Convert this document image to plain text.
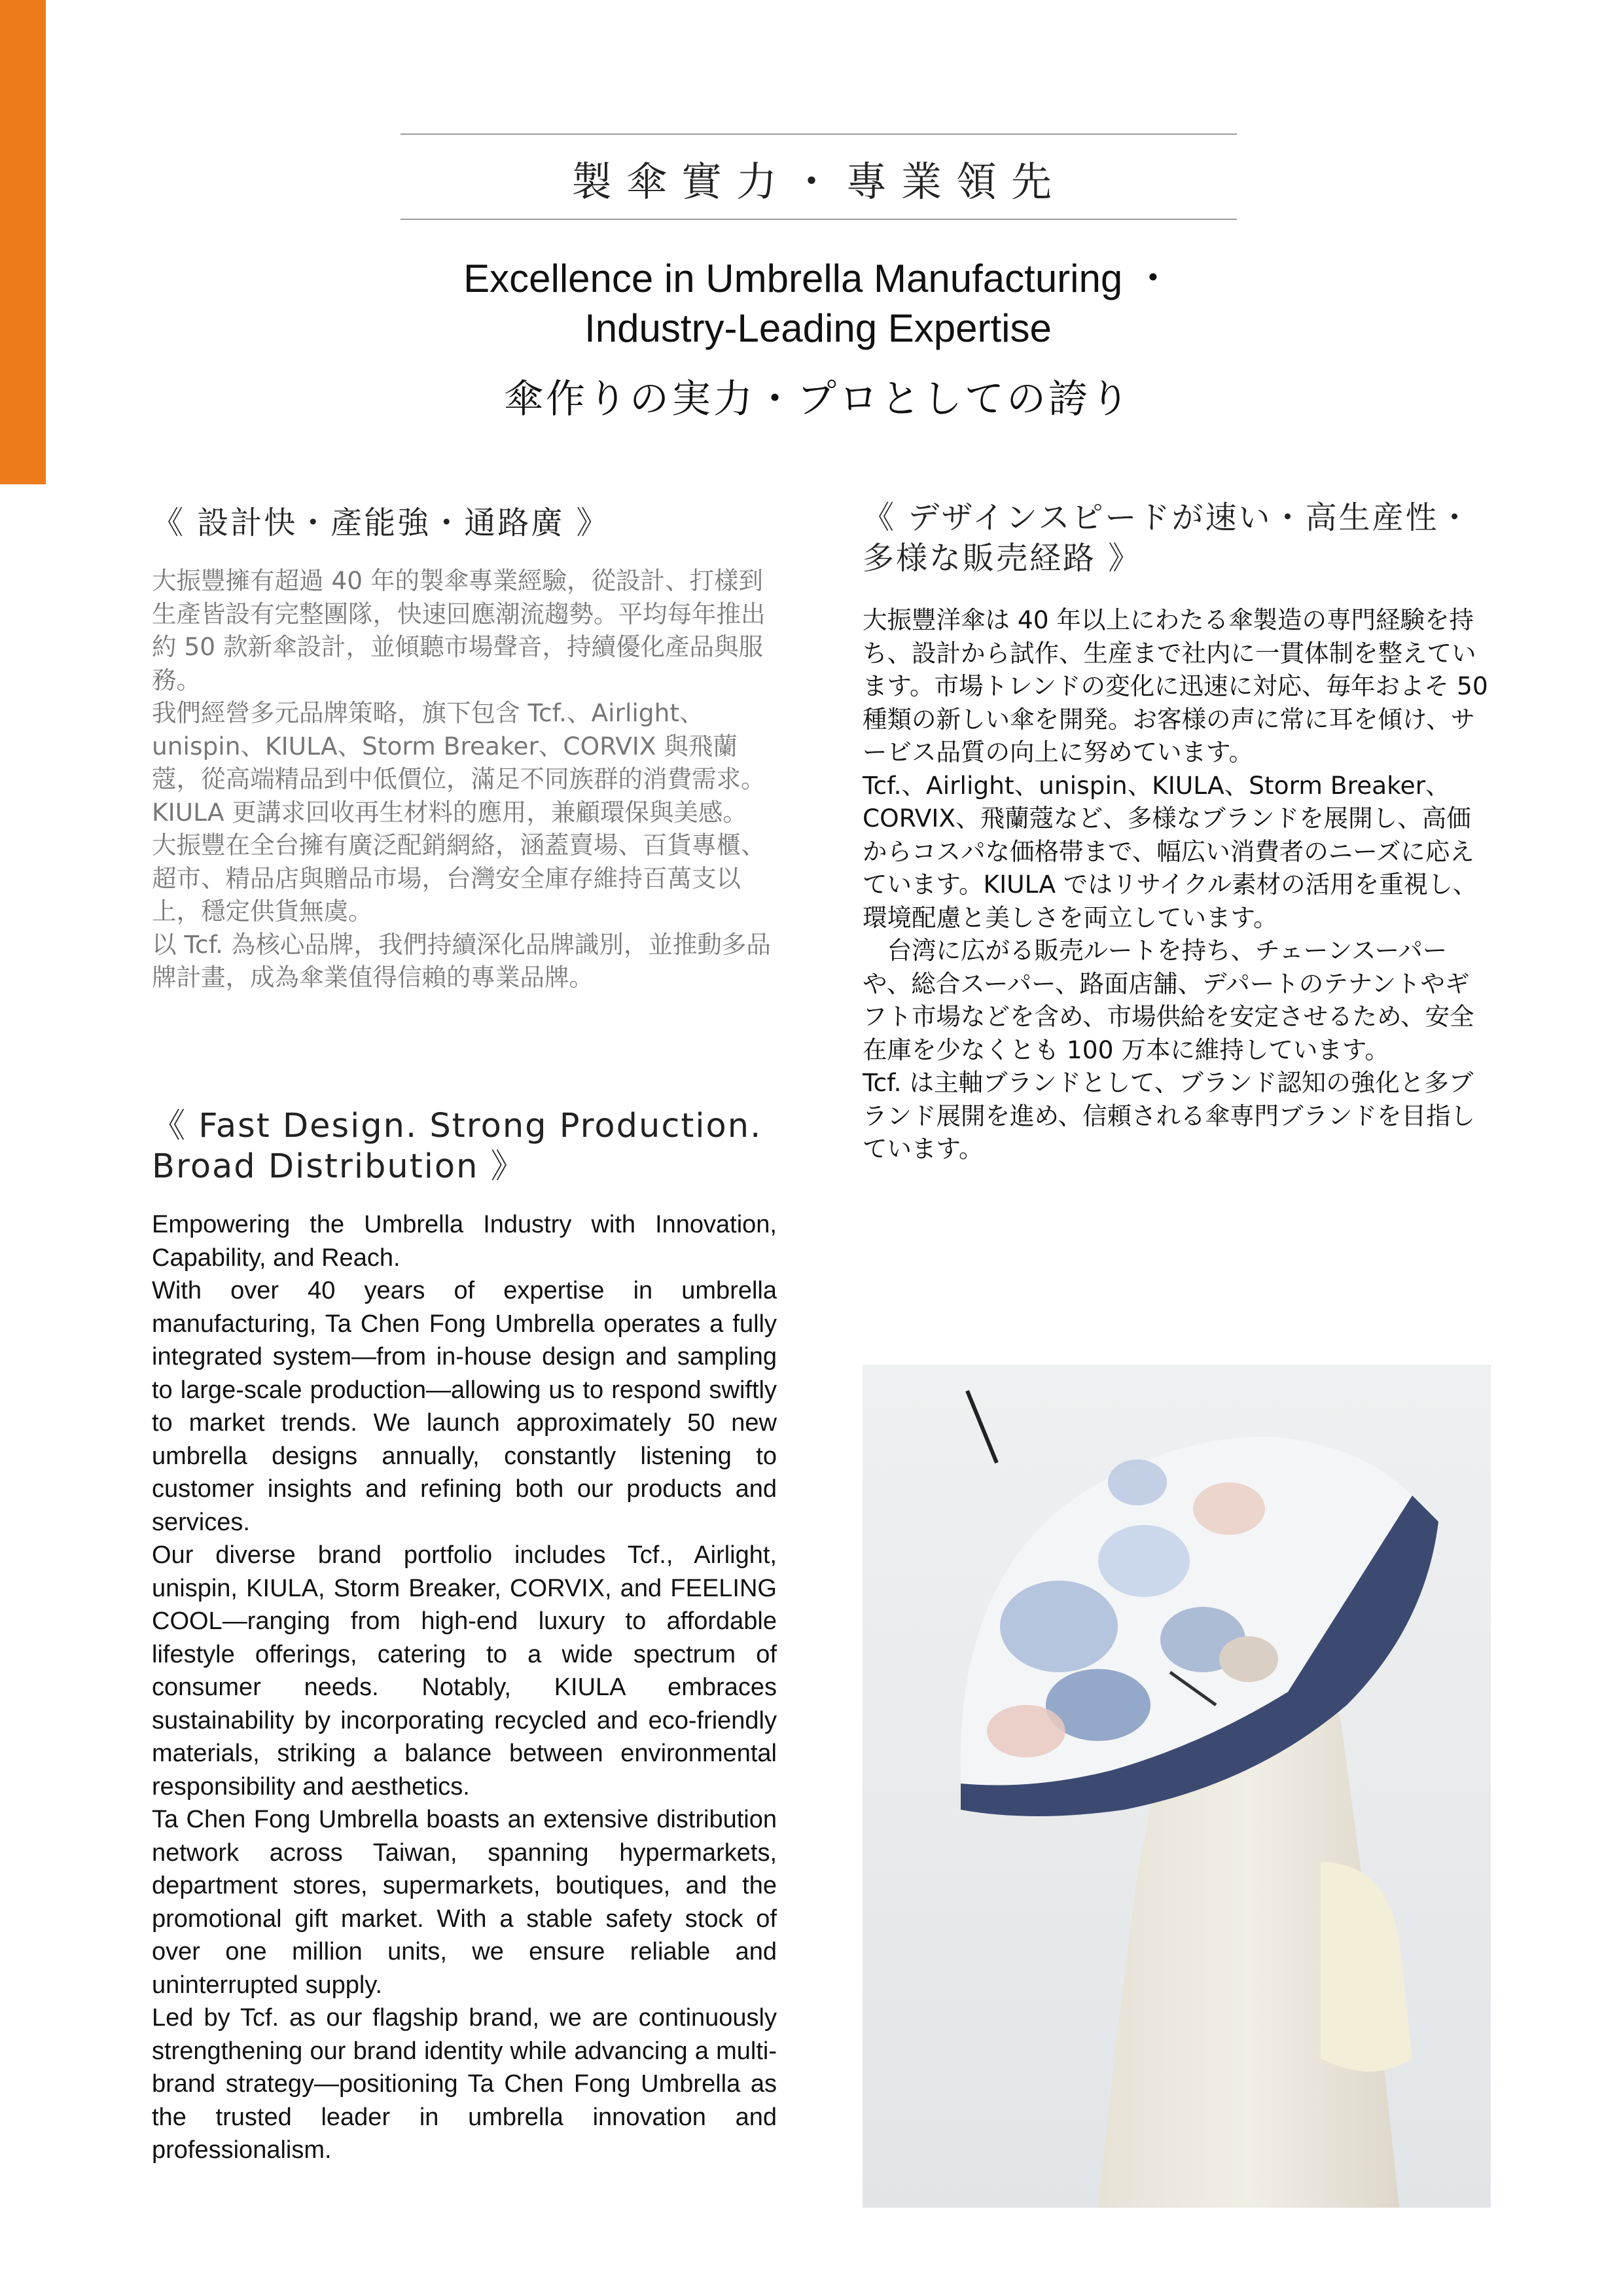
製傘實力・專業領先
Excellence in Umbrella Manufacturing ・
Industry-Leading Expertise
傘作りの実力・プロとしての誇り
《 設計快・產能強・通路廣 》

大振豐擁有超過 40 年的製傘專業經驗，從設計、打樣到生產皆設有完整團隊，快速回應潮流趨勢。平均每年推出約 50 款新傘設計，並傾聽市場聲音，持續優化產品與服務。

我們經營多元品牌策略，旗下包含 Tcf.、Airlight、unispin、KIULA、Storm Breaker、CORVIX 與飛蘭蔻，從高端精品到中低價位，滿足不同族群的消費需求。KIULA 更講求回收再生材料的應用，兼顧環保與美感。

大振豐在全台擁有廣泛配銷網絡，涵蓋賣場、百貨專櫃、超市、精品店與贈品市場，台灣安全庫存維持百萬支以上，穩定供貨無虞。

以 Tcf. 為核心品牌，我們持續深化品牌識別，並推動多品牌計畫，成為傘業值得信賴的專業品牌。

《 Fast Design. Strong Production. Broad Distribution 》

Empowering the Umbrella Industry with Innovation, Capability, and Reach.

With over 40 years of expertise in umbrella manufacturing, Ta Chen Fong Umbrella operates a fully integrated system—from in-house design and sampling to large-scale production—allowing us to respond swiftly to market trends. We launch approximately 50 new umbrella designs annually, constantly listening to customer insights and refining both our products and services.

Our diverse brand portfolio includes Tcf., Airlight, unispin, KIULA, Storm Breaker, CORVIX, and FEELING COOL—ranging from high-end luxury to affordable lifestyle offerings, catering to a wide spectrum of consumer needs. Notably, KIULA embraces sustainability by incorporating recycled and eco-friendly materials, striking a balance between environmental responsibility and aesthetics.

Ta Chen Fong Umbrella boasts an extensive distribution network across Taiwan, spanning hypermarkets, department stores, supermarkets, boutiques, and the promotional gift market. With a stable safety stock of over one million units, we ensure reliable and uninterrupted supply.

Led by Tcf. as our flagship brand, we are continuously strengthening our brand identity while advancing a multi-brand strategy—positioning Ta Chen Fong Umbrella as the trusted leader in umbrella innovation and professionalism.

《 デザインスピードが速い・高生産性・多様な販売経路 》

大振豐洋傘は 40 年以上にわたる傘製造の専門経験を持ち、設計から試作、生産まで社内に一貫体制を整えています。市場トレンドの変化に迅速に対応、毎年およそ 50 種類の新しい傘を開発。お客様の声に常に耳を傾け、サービス品質の向上に努めています。

Tcf.、Airlight、unispin、KIULA、Storm Breaker、CORVIX、飛蘭蔻など、多様なブランドを展開し、高価からコスパな価格帯まで、幅広い消費者のニーズに応えています。KIULA ではリサイクル素材の活用を重視し、環境配慮と美しさを両立しています。

　台湾に広がる販売ルートを持ち、チェーンスーパーや、総合スーパー、路面店舗、デパートのテナントやギフト市場などを含め、市場供給を安定させるため、安全在庫を少なくとも 100 万本に維持しています。

Tcf. は主軸ブランドとして、ブランド認知の強化と多ブランド展開を進め、信頼される傘専門ブランドを目指しています。
